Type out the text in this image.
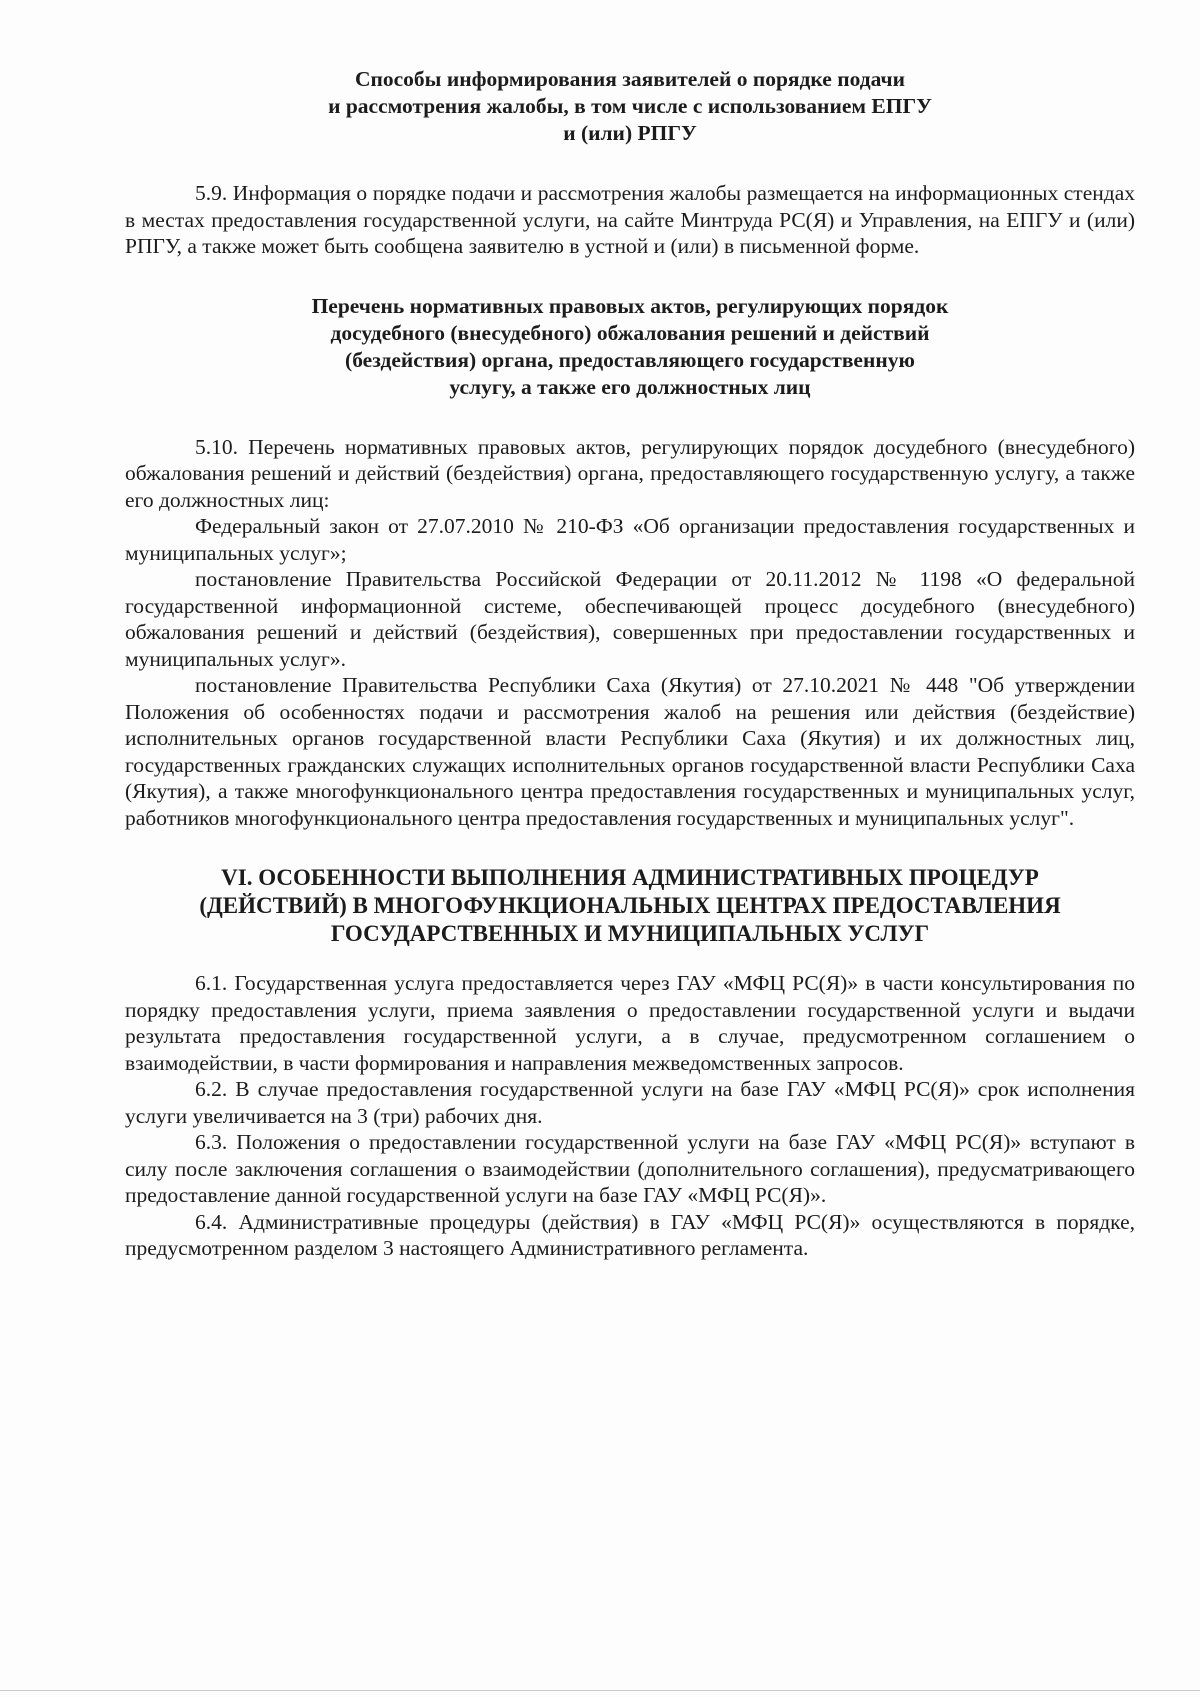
Способы информирования заявителей о порядке подачи
и рассмотрения жалобы, в том числе с использованием ЕПГУ
и (или) РПГУ

5.9. Информация о порядке подачи и рассмотрения жалобы размещается на информационных стендах в местах предоставления государственной услуги, на сайте Минтруда РС(Я) и Управления, на ЕПГУ и (или) РПГУ, а также может быть сообщена заявителю в устной и (или) в письменной форме.

Перечень нормативных правовых актов, регулирующих порядок
досудебного (внесудебного) обжалования решений и действий
(бездействия) органа, предоставляющего государственную
услугу, а также его должностных лиц

5.10. Перечень нормативных правовых актов, регулирующих порядок досудебного (внесудебного) обжалования решений и действий (бездействия) органа, предоставляющего государственную услугу, а также его должностных лиц:

Федеральный закон от 27.07.2010 № 210-ФЗ «Об организации предоставления государственных и муниципальных услуг»;

постановление Правительства Российской Федерации от 20.11.2012 № 1198 «О федеральной государственной информационной системе, обеспечивающей процесс досудебного (внесудебного) обжалования решений и действий (бездействия), совершенных при предоставлении государственных и муниципальных услуг».

постановление Правительства Республики Саха (Якутия) от 27.10.2021 № 448 "Об утверждении Положения об особенностях подачи и рассмотрения жалоб на решения или действия (бездействие) исполнительных органов государственной власти Республики Саха (Якутия) и их должностных лиц, государственных гражданских служащих исполнительных органов государственной власти Республики Саха (Якутия), а также многофункционального центра предоставления государственных и муниципальных услуг, работников многофункционального центра предоставления государственных и муниципальных услуг".

VI. ОСОБЕННОСТИ ВЫПОЛНЕНИЯ АДМИНИСТРАТИВНЫХ ПРОЦЕДУР
(ДЕЙСТВИЙ) В МНОГОФУНКЦИОНАЛЬНЫХ ЦЕНТРАХ ПРЕДОСТАВЛЕНИЯ
ГОСУДАРСТВЕННЫХ И МУНИЦИПАЛЬНЫХ УСЛУГ

6.1. Государственная услуга предоставляется через ГАУ «МФЦ РС(Я)» в части консультирования по порядку предоставления услуги, приема заявления о предоставлении государственной услуги и выдачи результата предоставления государственной услуги, а в случае, предусмотренном соглашением о взаимодействии, в части формирования и направления межведомственных запросов.

6.2. В случае предоставления государственной услуги на базе ГАУ «МФЦ РС(Я)» срок исполнения услуги увеличивается на 3 (три) рабочих дня.

6.3. Положения о предоставлении государственной услуги на базе ГАУ «МФЦ РС(Я)» вступают в силу после заключения соглашения о взаимодействии (дополнительного соглашения), предусматривающего предоставление данной государственной услуги на базе ГАУ «МФЦ РС(Я)».

6.4. Административные процедуры (действия) в ГАУ «МФЦ РС(Я)» осуществляются в порядке, предусмотренном разделом 3 настоящего Административного регламента.
